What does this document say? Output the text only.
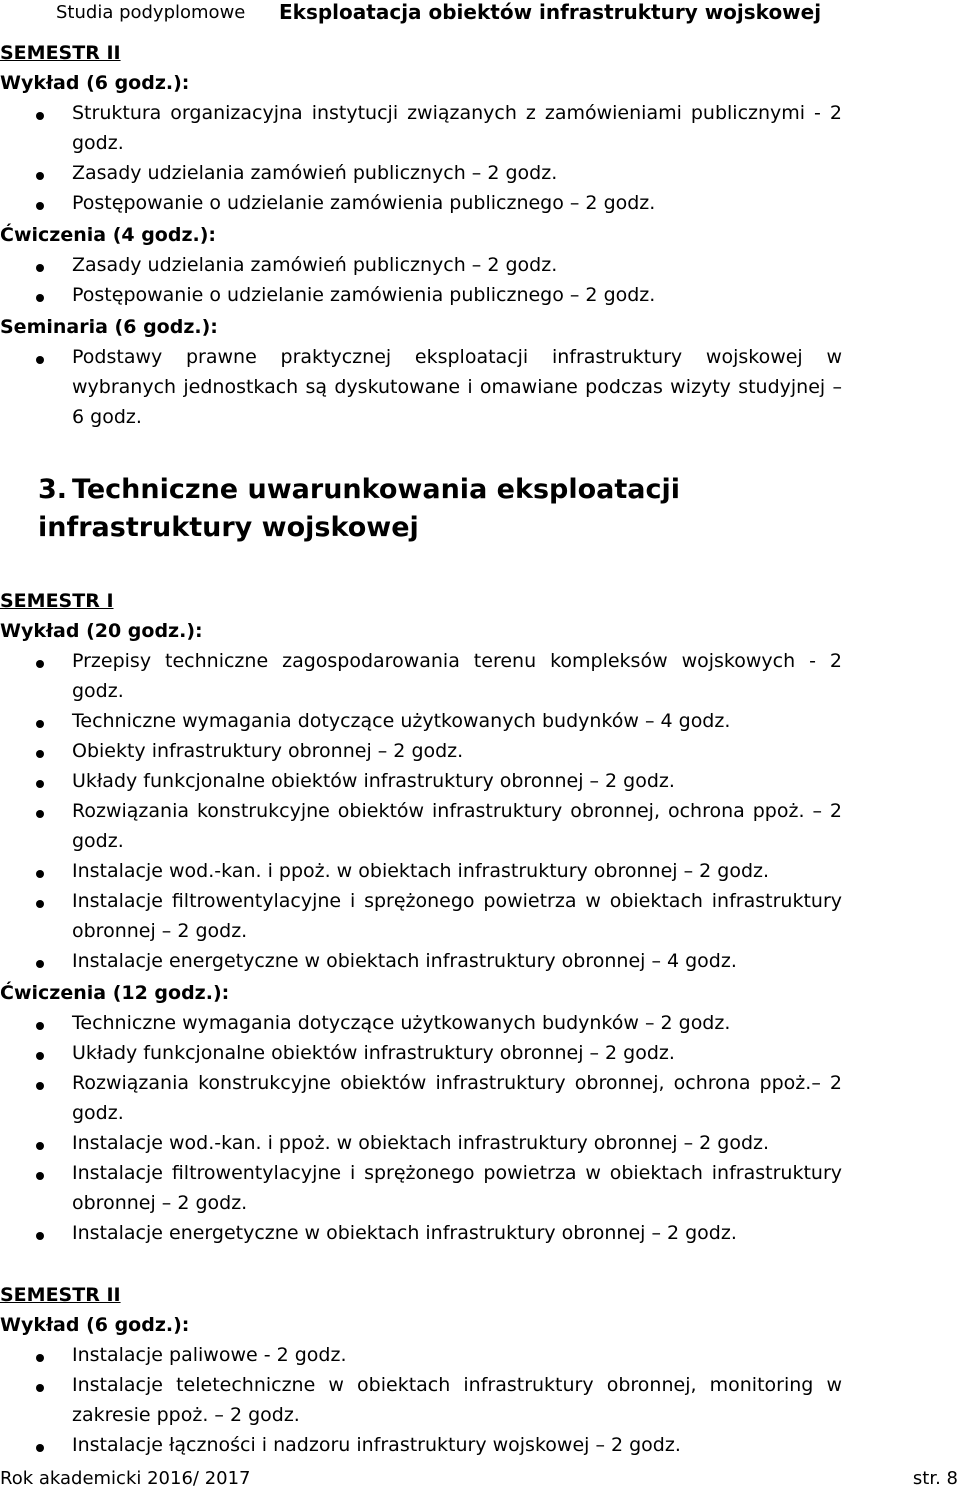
Studia podyplomowe Eksploatacja obiektów infrastruktury wojskowej
SEMESTR II
Wykład (6 godz.):
Struktura organizacyjna instytucji związanych z zamówieniami publicznymi - 2 godz.
Zasady udzielania zamówień publicznych – 2 godz.
Postępowanie o udzielanie zamówienia publicznego – 2 godz.
Ćwiczenia (4 godz.):
Zasady udzielania zamówień publicznych – 2 godz.
Postępowanie o udzielanie zamówienia publicznego – 2 godz.
Seminaria (6 godz.):
Podstawy prawne praktycznej eksploatacji infrastruktury wojskowej w wybranych jednostkach są dyskutowane i omawiane podczas wizyty studyjnej – 6 godz.
3. Techniczne uwarunkowania eksploatacji infrastruktury wojskowej
SEMESTR I
Wykład (20 godz.):
Przepisy techniczne zagospodarowania terenu kompleksów wojskowych - 2 godz.
Techniczne wymagania dotyczące użytkowanych budynków – 4 godz.
Obiekty infrastruktury obronnej – 2 godz.
Układy funkcjonalne obiektów infrastruktury obronnej – 2 godz.
Rozwiązania konstrukcyjne obiektów infrastruktury obronnej, ochrona ppoż. – 2 godz.
Instalacje wod.-kan. i ppoż. w obiektach infrastruktury obronnej – 2 godz.
Instalacje filtrowentylacyjne i sprężonego powietrza w obiektach infrastruktury obronnej – 2 godz.
Instalacje energetyczne w obiektach infrastruktury obronnej – 4 godz.
Ćwiczenia (12 godz.):
Techniczne wymagania dotyczące użytkowanych budynków – 2 godz.
Układy funkcjonalne obiektów infrastruktury obronnej – 2 godz.
Rozwiązania konstrukcyjne obiektów infrastruktury obronnej, ochrona ppoż.– 2 godz.
Instalacje wod.-kan. i ppoż. w obiektach infrastruktury obronnej – 2 godz.
Instalacje filtrowentylacyjne i sprężonego powietrza w obiektach infrastruktury obronnej – 2 godz.
Instalacje energetyczne w obiektach infrastruktury obronnej – 2 godz.
SEMESTR II
Wykład (6 godz.):
Instalacje paliwowe - 2 godz.
Instalacje teletechniczne w obiektach infrastruktury obronnej, monitoring w zakresie ppoż. – 2 godz.
Instalacje łączności i nadzoru infrastruktury wojskowej – 2 godz.
Rok akademicki 2016/ 2017	str. 8
